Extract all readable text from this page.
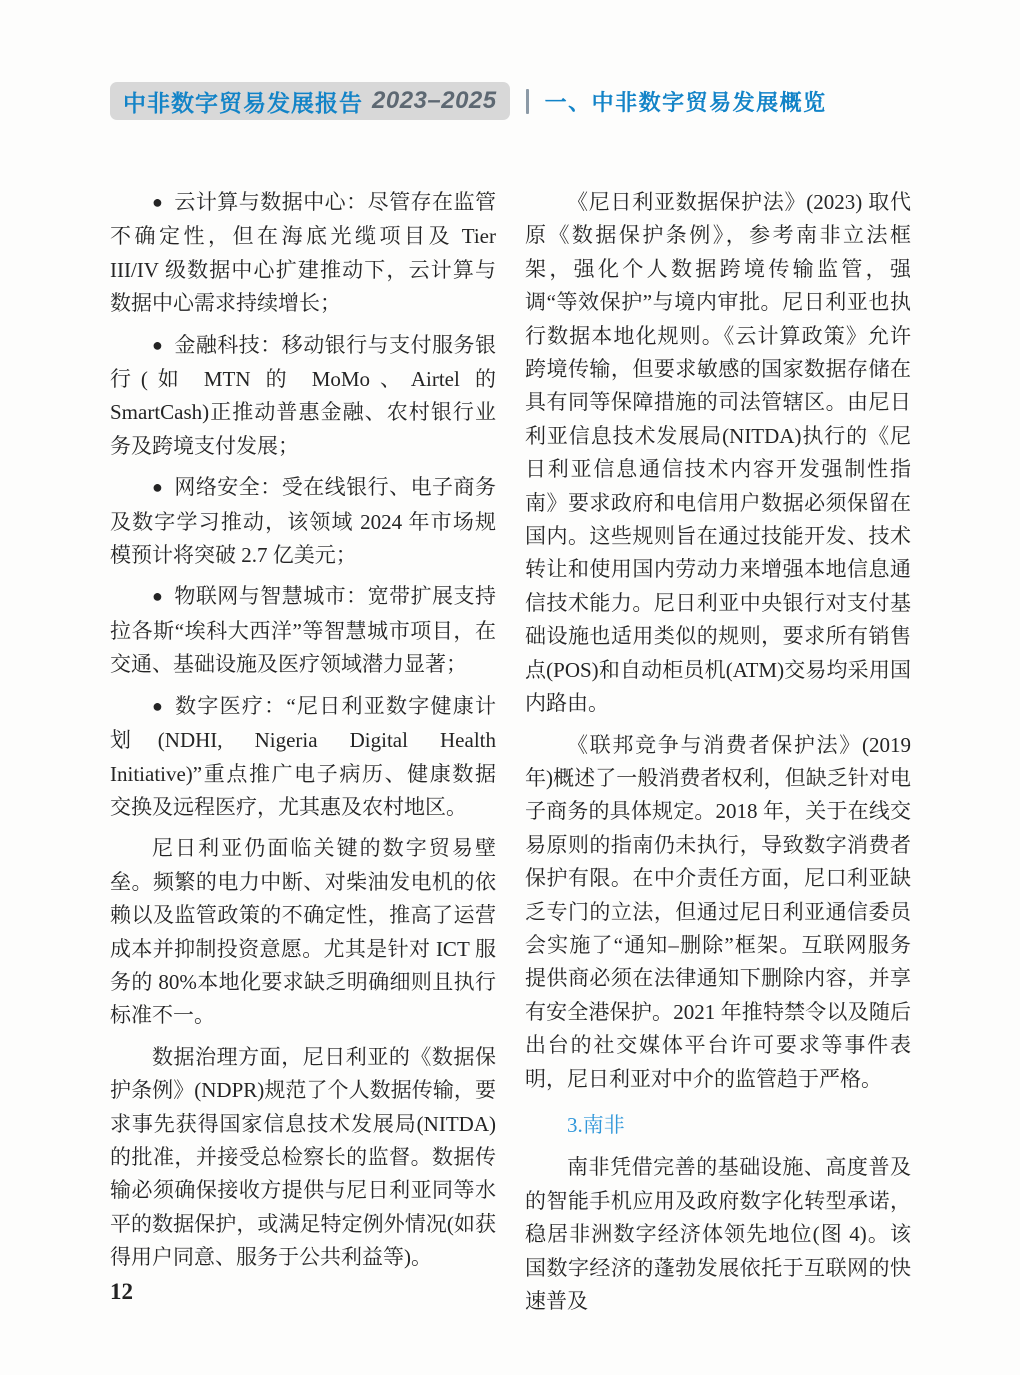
中非数字贸易发展报告 2023–2025 一、中非数字贸易发展概览

● 云计算与数据中心：尽管存在监管不确定性，但在海底光缆项目及 Tier III/IV 级数据中心扩建推动下，云计算与数据中心需求持续增长；

● 金融科技：移动银行与支付服务银行(如 MTN 的 MoMo、Airtel 的 SmartCash)正推动普惠金融、农村银行业务及跨境支付发展；

● 网络安全：受在线银行、电子商务及数字学习推动，该领域 2024 年市场规模预计将突破 2.7 亿美元；

● 物联网与智慧城市：宽带扩展支持拉各斯“埃科大西洋”等智慧城市项目，在交通、基础设施及医疗领域潜力显著；

● 数字医疗：“尼日利亚数字健康计划(NDHI, Nigeria Digital Health Initiative)”重点推广电子病历、健康数据交换及远程医疗，尤其惠及农村地区。

尼日利亚仍面临关键的数字贸易壁垒。频繁的电力中断、对柴油发电机的依赖以及监管政策的不确定性，推高了运营成本并抑制投资意愿。尤其是针对 ICT 服务的 80%本地化要求缺乏明确细则且执行标准不一。

数据治理方面，尼日利亚的《数据保护条例》(NDPR)规范了个人数据传输，要求事先获得国家信息技术发展局(NITDA)的批准，并接受总检察长的监督。数据传输必须确保接收方提供与尼日利亚同等水平的数据保护，或满足特定例外情况(如获得用户同意、服务于公共利益等)。

《尼日利亚数据保护法》(2023) 取代原《数据保护条例》，参考南非立法框架，强化个人数据跨境传输监管，强调“等效保护”与境内审批。尼日利亚也执行数据本地化规则。《云计算政策》允许跨境传输，但要求敏感的国家数据存储在具有同等保障措施的司法管辖区。由尼日利亚信息技术发展局(NITDA)执行的《尼日利亚信息通信技术内容开发强制性指南》要求政府和电信用户数据必须保留在国内。这些规则旨在通过技能开发、技术转让和使用国内劳动力来增强本地信息通信技术能力。尼日利亚中央银行对支付基础设施也适用类似的规则，要求所有销售点(POS)和自动柜员机(ATM)交易均采用国内路由。

《联邦竞争与消费者保护法》(2019 年)概述了一般消费者权利，但缺乏针对电子商务的具体规定。2018 年，关于在线交易原则的指南仍未执行，导致数字消费者保护有限。在中介责任方面，尼口利亚缺乏专门的立法，但通过尼日利亚通信委员会实施了“通知–删除”框架。互联网服务提供商必须在法律通知下删除内容，并享有安全港保护。2021 年推特禁令以及随后出台的社交媒体平台许可要求等事件表明，尼日利亚对中介的监管趋于严格。

3.南非

南非凭借完善的基础设施、高度普及的智能手机应用及政府数字化转型承诺，稳居非洲数字经济体领先地位(图 4)。该国数字经济的蓬勃发展依托于互联网的快速普及

12
